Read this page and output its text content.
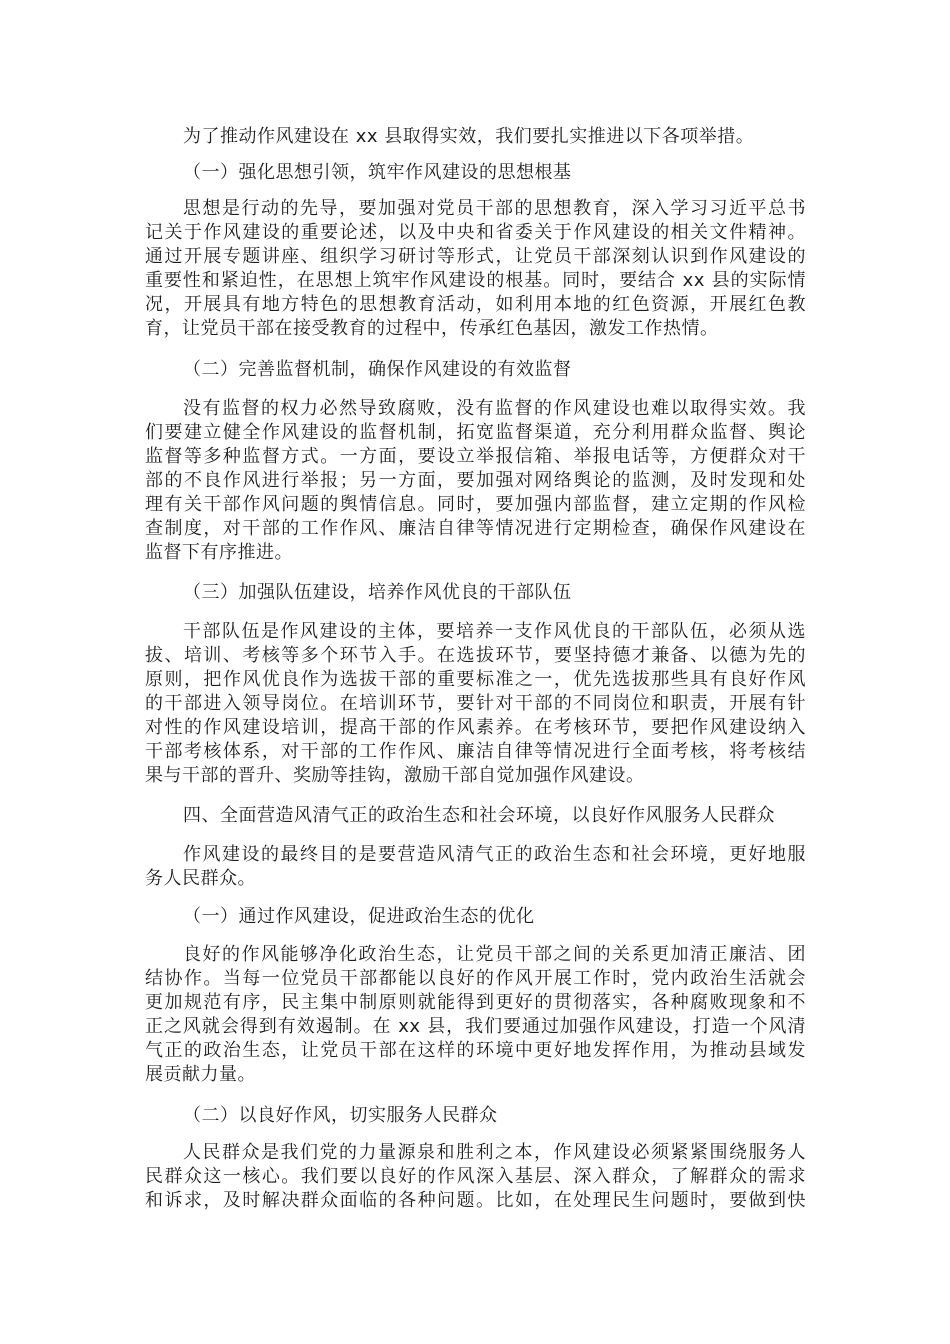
为了推动作风建设在 xx 县取得实效，我们要扎实推进以下各项举措。
（一）强化思想引领，筑牢作风建设的思想根基
思想是行动的先导，要加强对党员干部的思想教育，深入学习习近平总书
记关于作风建设的重要论述，以及中央和省委关于作风建设的相关文件精神。
通过开展专题讲座、组织学习研讨等形式，让党员干部深刻认识到作风建设的
重要性和紧迫性，在思想上筑牢作风建设的根基。同时，要结合 xx 县的实际情
况，开展具有地方特色的思想教育活动，如利用本地的红色资源，开展红色教
育，让党员干部在接受教育的过程中，传承红色基因，激发工作热情。
（二）完善监督机制，确保作风建设的有效监督
没有监督的权力必然导致腐败，没有监督的作风建设也难以取得实效。我
们要建立健全作风建设的监督机制，拓宽监督渠道，充分利用群众监督、舆论
监督等多种监督方式。一方面，要设立举报信箱、举报电话等，方便群众对干
部的不良作风进行举报；另一方面，要加强对网络舆论的监测，及时发现和处
理有关干部作风问题的舆情信息。同时，要加强内部监督，建立定期的作风检
查制度，对干部的工作作风、廉洁自律等情况进行定期检查，确保作风建设在
监督下有序推进。
（三）加强队伍建设，培养作风优良的干部队伍
干部队伍是作风建设的主体，要培养一支作风优良的干部队伍，必须从选
拔、培训、考核等多个环节入手。在选拔环节，要坚持德才兼备、以德为先的
原则，把作风优良作为选拔干部的重要标准之一，优先选拔那些具有良好作风
的干部进入领导岗位。在培训环节，要针对干部的不同岗位和职责，开展有针
对性的作风建设培训，提高干部的作风素养。在考核环节，要把作风建设纳入
干部考核体系，对干部的工作作风、廉洁自律等情况进行全面考核，将考核结
果与干部的晋升、奖励等挂钩，激励干部自觉加强作风建设。
四、全面营造风清气正的政治生态和社会环境，以良好作风服务人民群众
作风建设的最终目的是要营造风清气正的政治生态和社会环境，更好地服
务人民群众。
（一）通过作风建设，促进政治生态的优化
良好的作风能够净化政治生态，让党员干部之间的关系更加清正廉洁、团
结协作。当每一位党员干部都能以良好的作风开展工作时，党内政治生活就会
更加规范有序，民主集中制原则就能得到更好的贯彻落实，各种腐败现象和不
正之风就会得到有效遏制。在 xx 县，我们要通过加强作风建设，打造一个风清
气正的政治生态，让党员干部在这样的环境中更好地发挥作用，为推动县域发
展贡献力量。
（二）以良好作风，切实服务人民群众
人民群众是我们党的力量源泉和胜利之本，作风建设必须紧紧围绕服务人
民群众这一核心。我们要以良好的作风深入基层、深入群众，了解群众的需求
和诉求，及时解决群众面临的各种问题。比如，在处理民生问题时，要做到快
